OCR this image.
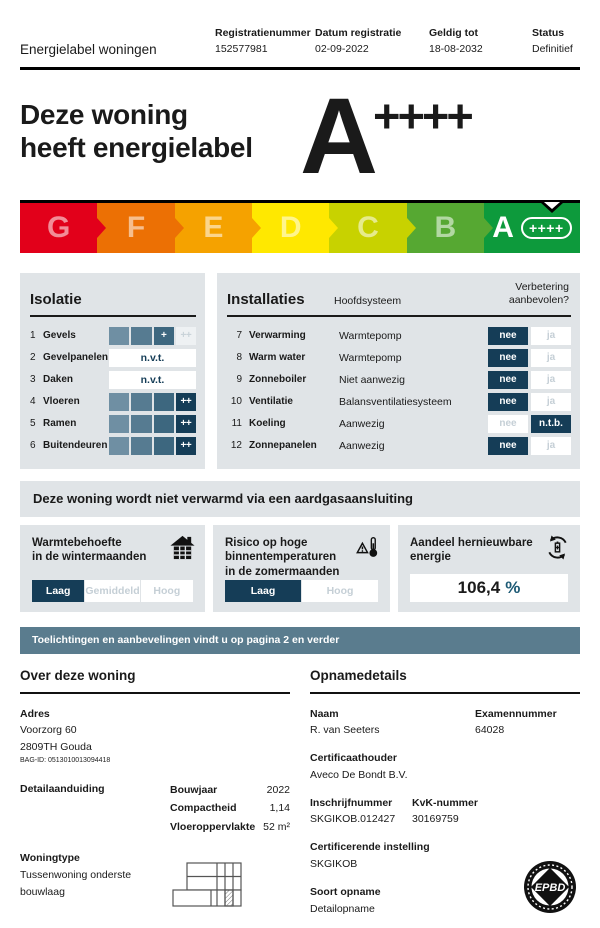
Energielabel woningen
Registratienummer
152577981
Datum registratie
02-09-2022
Geldig tot
18-08-2032
Status
Definitief
Deze woning
heeft energielabel A ++++
G F E D C B A	++++
Isolatie
1 Gevels	+	++
2 Gevelpanelen	n.v.t.
3 Daken	n.v.t.
4 Vloeren	++
5 Ramen	++
6 Buitendeuren	++
Installaties	Hoofdsysteem
Verbetering
aanbevolen?
7 Verwarming	Warmtepomp	nee	ja
8 Warm water	Warmtepomp	nee	ja
9 Zonneboiler	Niet aanwezig	nee	ja
10 Ventilatie	Balansventilatiesysteem	nee	ja
11 Koeling	Aanwezig	nee	n.t.b.
12 Zonnepanelen	Aanwezig	nee	ja
Deze woning wordt niet verwarmd via een aardgasaansluiting
Warmtebehoefte
in de wintermaanden
Laag	Gemiddeld	Hoog
Risico op hoge
binnentemperaturen
in de zomermaanden
Laag	Hoog
Aandeel hernieuwbare
energie
106,4 %
Toelichtingen en aanbevelingen vindt u op pagina 2 en verder
Over deze woning
Adres
Voorzorg 60
2809TH Gouda
BAG-ID: 0513010013094418
Detailaanduiding	Bouwjaar	2022
Compactheid	1,14
Vloeroppervlakte 52 m²
Woningtype
Tussenwoning onderste
bouwlaag
Opnamedetails
Naam
R. van Seeters
Examennummer
64028
Certificaathouder
Aveco De Bondt B.V.
Inschrijfnummer
SKGIKOB.012427
KvK-nummer
30169759
Certificerende instelling
SKGIKOB
Soort opname
Detailopname
EPBD
